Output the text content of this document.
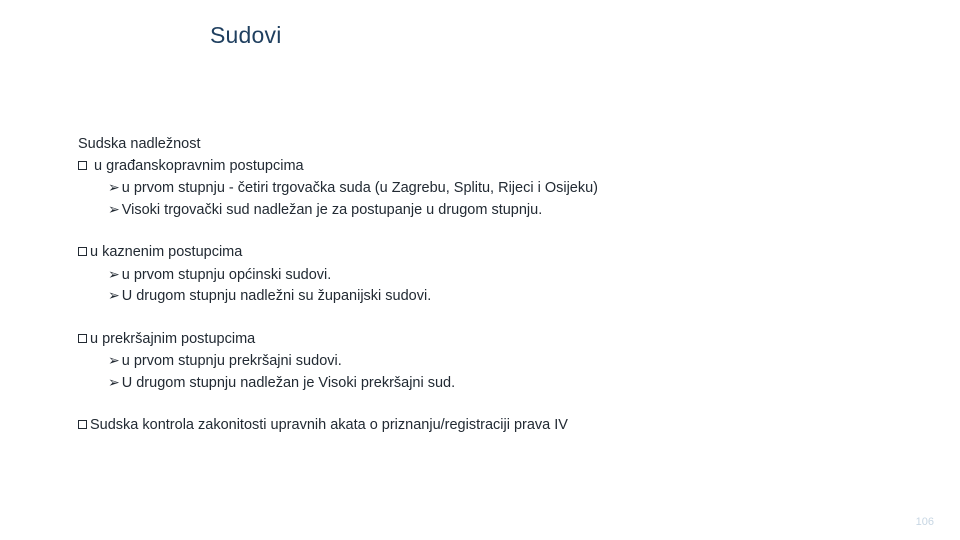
Sudovi
Sudska nadležnost
u građanskopravnim postupcima
➢ u prvom stupnju - četiri trgovačka suda (u Zagrebu, Splitu, Rijeci i Osijeku)
➢ Visoki trgovački sud nadležan je za postupanje u drugom stupnju.
u kaznenim postupcima
➢ u prvom stupnju općinski sudovi.
➢ U drugom stupnju nadležni su županijski sudovi.
u prekršajnim postupcima
➢ u prvom stupnju prekršajni sudovi.
➢ U drugom stupnju nadležan je Visoki prekršajni sud.
Sudska kontrola zakonitosti upravnih akata o priznanju/registraciji prava IV
106
